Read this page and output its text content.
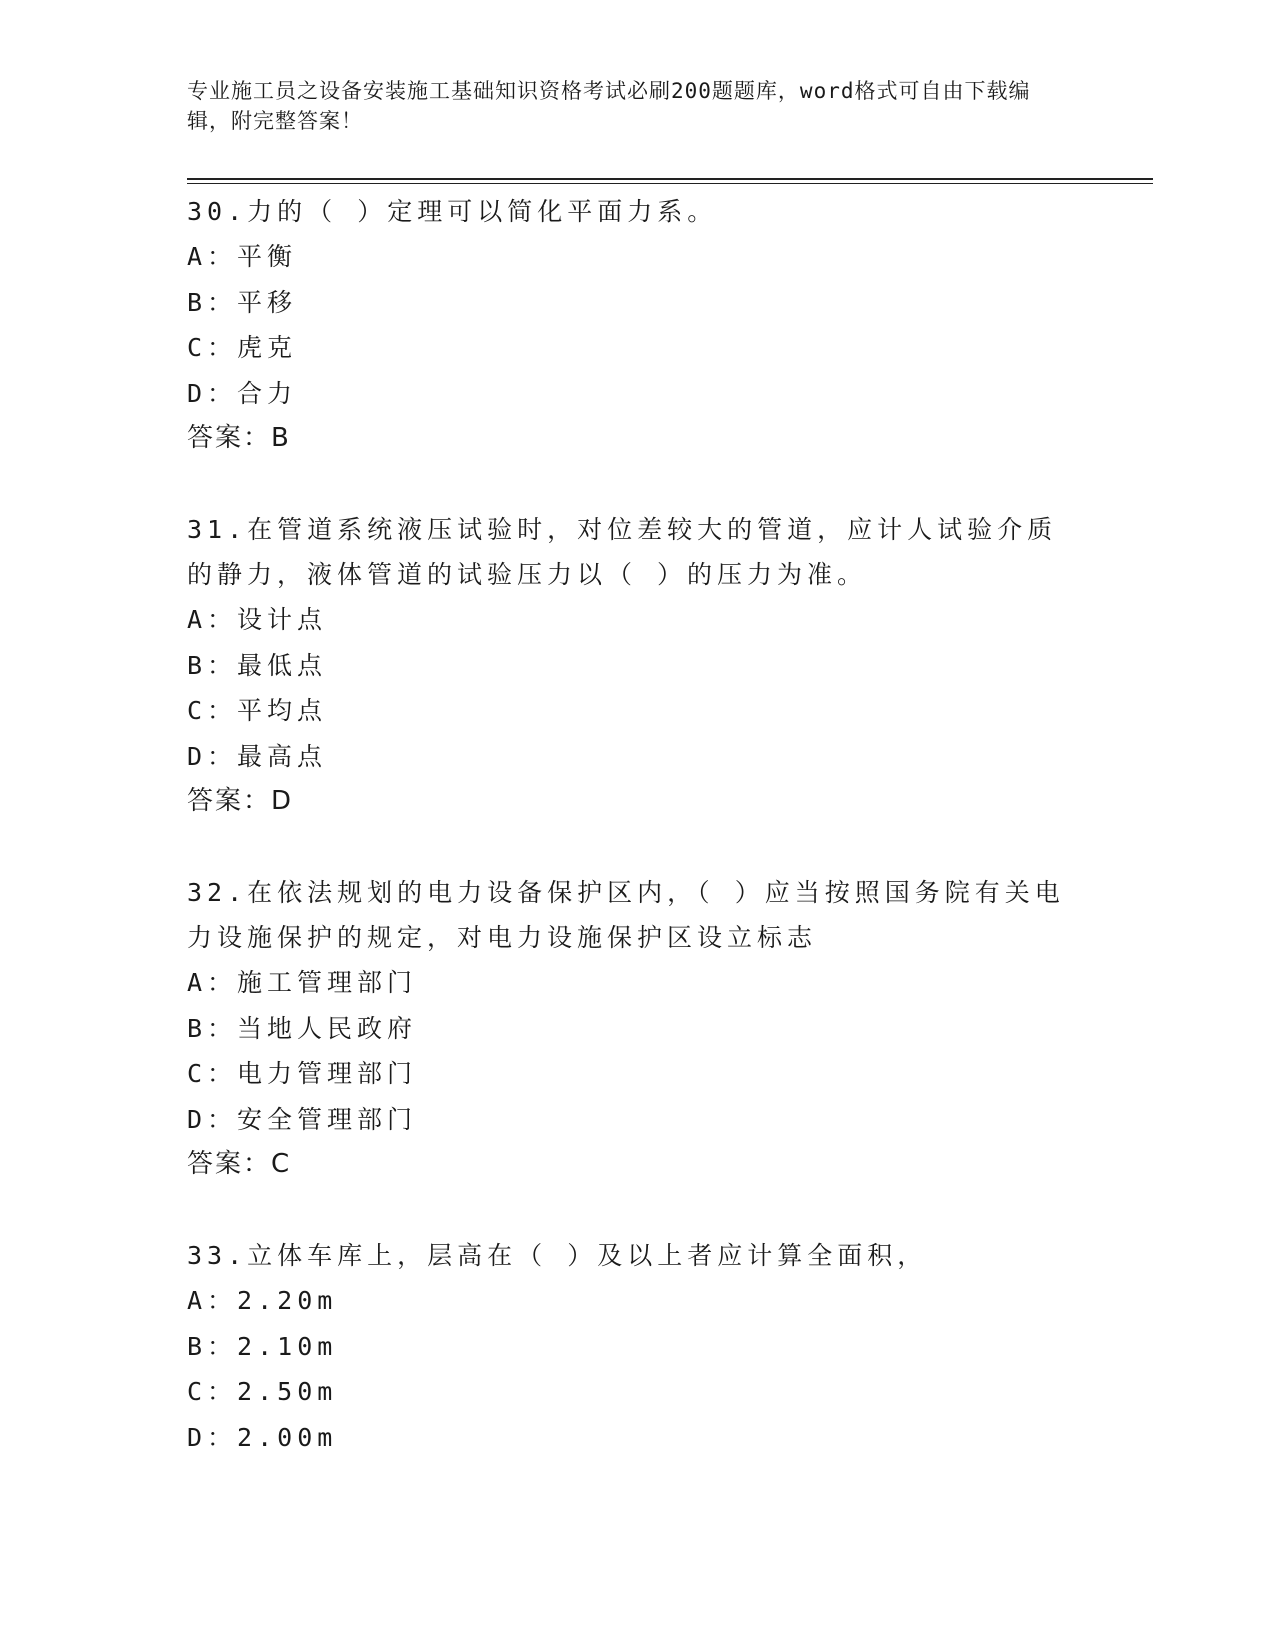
专业施工员之设备安装施工基础知识资格考试必刷200题题库，word格式可自由下载编辑，附完整答案！

30.力的（ ）定理可以简化平面力系。

A：平衡

B：平移

C：虎克

D：合力

答案：B

31.在管道系统液压试验时，对位差较大的管道，应计人试验介质的静力，液体管道的试验压力以（ ）的压力为准。

A：设计点

B：最低点

C：平均点

D：最高点

答案：D

32.在依法规划的电力设备保护区内，（ ）应当按照国务院有关电力设施保护的规定，对电力设施保护区设立标志

A：施工管理部门

B：当地人民政府

C：电力管理部门

D：安全管理部门

答案：C

33.立体车库上，层高在（ ）及以上者应计算全面积，

A：2.20m

B：2.10m

C：2.50m

D：2.00m
